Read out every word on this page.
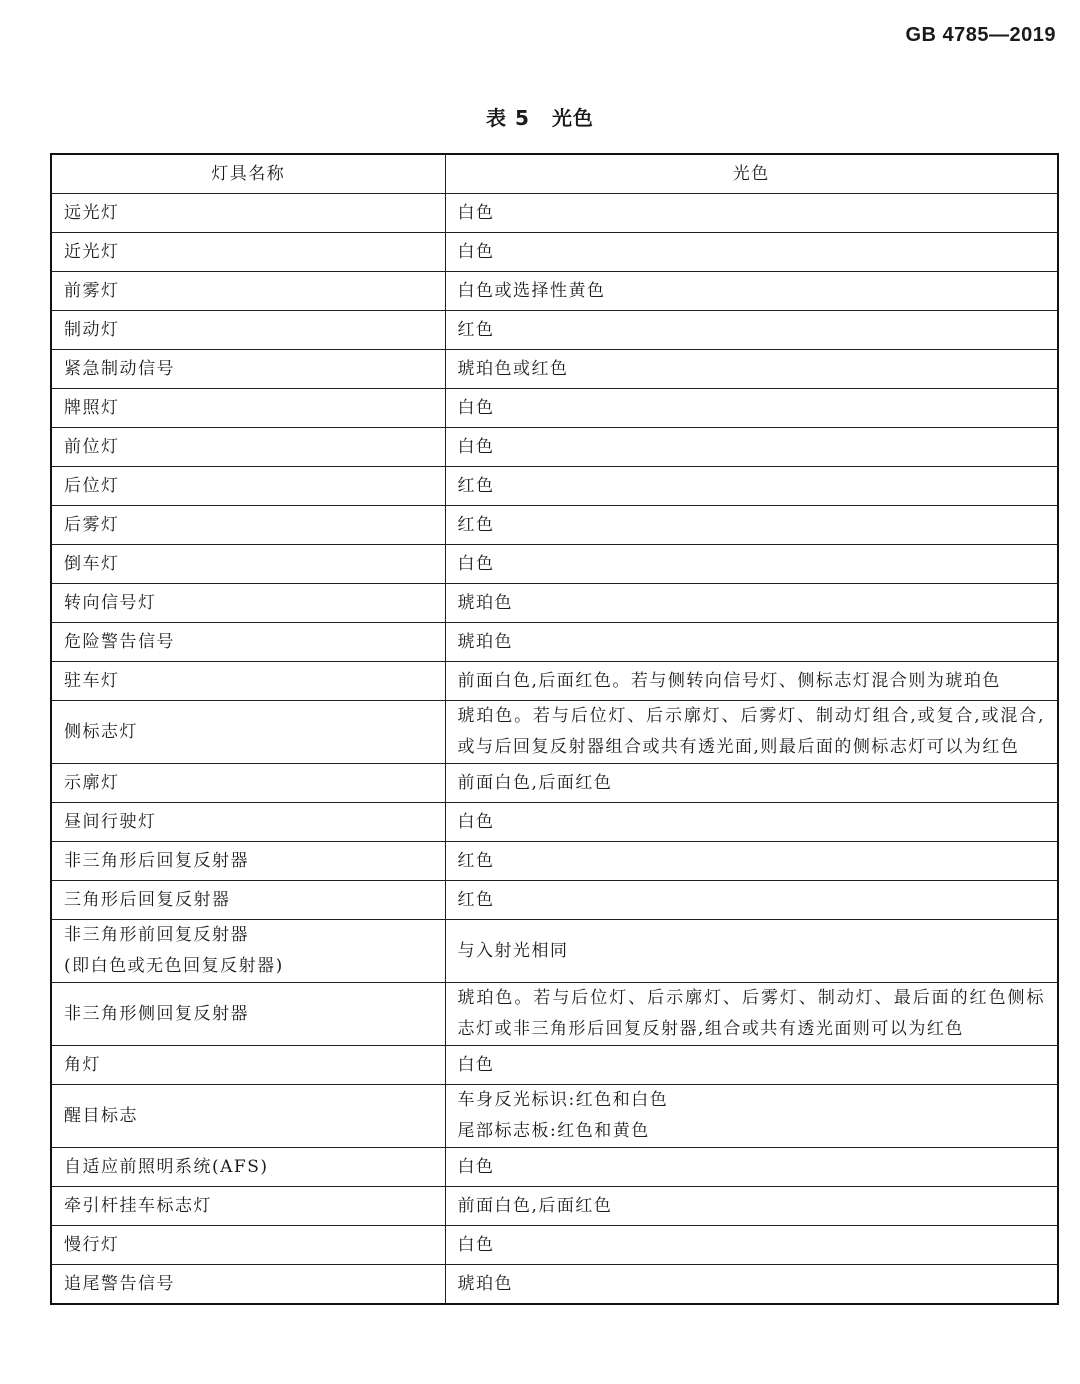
GB 4785—2019
表 5 光色
灯具名称	光色

远光灯	白色

近光灯	白色

前雾灯	白色或选择性黄色

制动灯	红色

紧急制动信号	琥珀色或红色

牌照灯	白色

前位灯	白色

后位灯	红色

后雾灯	红色

倒车灯	白色

转向信号灯	琥珀色

危险警告信号	琥珀色

驻车灯	前面白色,后面红色。若与侧转向信号灯、侧标志灯混合则为琥珀色

侧标志灯	琥珀色。若与后位灯、后示廓灯、后雾灯、制动灯组合,或复合,或混合,或与后回复反射器组合或共有透光面,则最后面的侧标志灯可以为红色

示廓灯	前面白色,后面红色

昼间行驶灯	白色

非三角形后回复反射器	红色

三角形后回复反射器	红色

非三角形前回复反射器
(即白色或无色回复反射器)	与入射光相同

非三角形侧回复反射器	琥珀色。若与后位灯、后示廓灯、后雾灯、制动灯、最后面的红色侧标志灯或非三角形后回复反射器,组合或共有透光面则可以为红色

角灯	白色

醒目标志	车身反光标识:红色和白色
尾部标志板:红色和黄色

自适应前照明系统(AFS)	白色

牵引杆挂车标志灯	前面白色,后面红色

慢行灯	白色

追尾警告信号	琥珀色
